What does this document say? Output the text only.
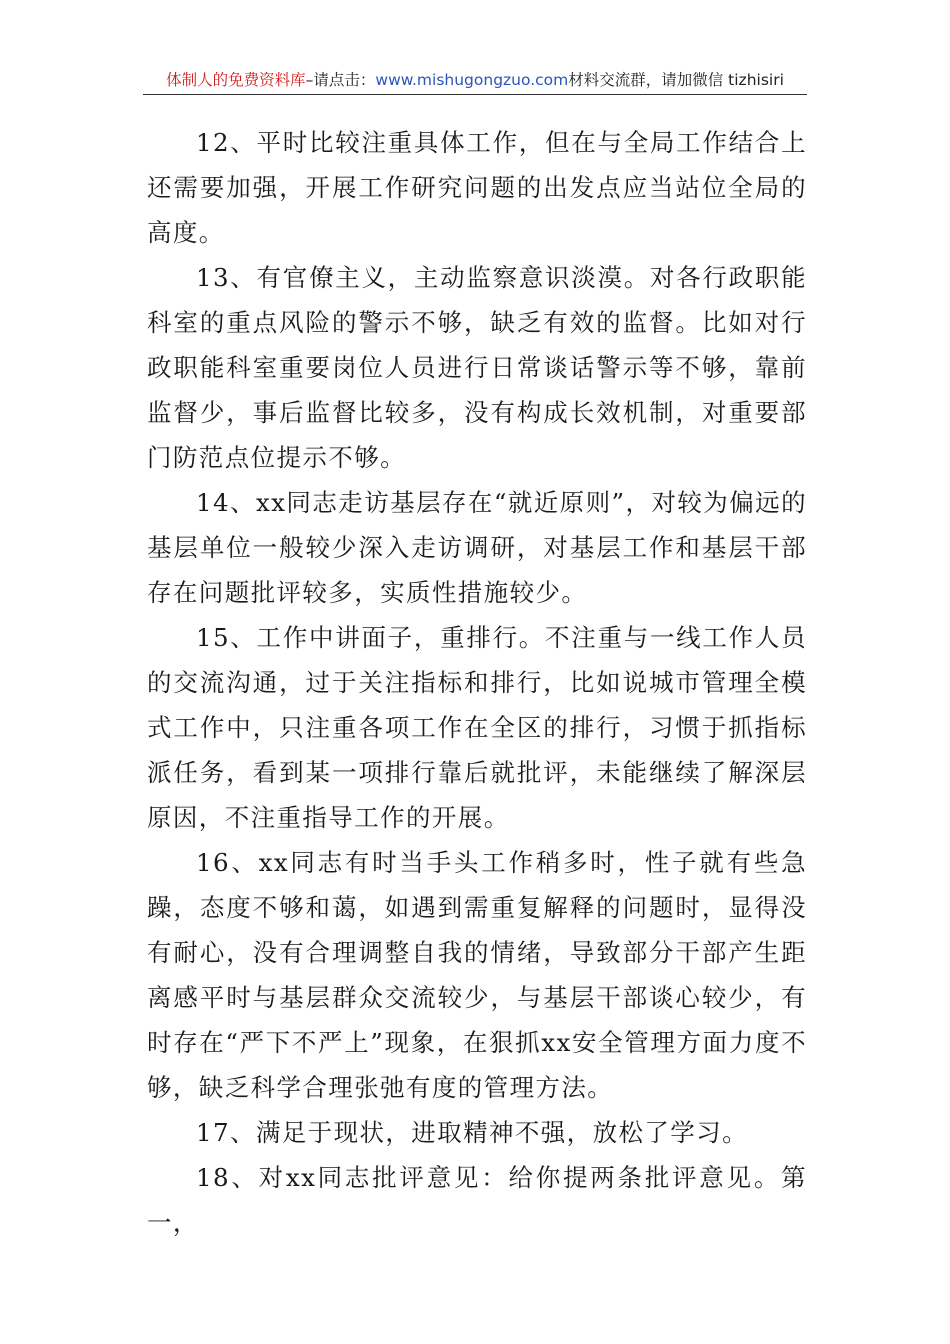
体制人的免费资料库–请点击：www.mishugongzuo.com材料交流群，请加微信 tizhisiri

12、平时比较注重具体工作，但在与全局工作结合上还需要加强，开展工作研究问题的出发点应当站位全局的高度。

13、有官僚主义，主动监察意识淡漠。对各行政职能科室的重点风险的警示不够，缺乏有效的监督。比如对行政职能科室重要岗位人员进行日常谈话警示等不够，靠前监督少，事后监督比较多，没有构成长效机制，对重要部门防范点位提示不够。

14、xx同志走访基层存在“就近原则”，对较为偏远的基层单位一般较少深入走访调研，对基层工作和基层干部存在问题批评较多，实质性措施较少。

15、工作中讲面子，重排行。不注重与一线工作人员的交流沟通，过于关注指标和排行，比如说城市管理全模式工作中，只注重各项工作在全区的排行，习惯于抓指标派任务，看到某一项排行靠后就批评，未能继续了解深层原因，不注重指导工作的开展。

16、xx同志有时当手头工作稍多时，性子就有些急躁，态度不够和蔼，如遇到需重复解释的问题时，显得没有耐心，没有合理调整自我的情绪，导致部分干部产生距离感平时与基层群众交流较少，与基层干部谈心较少，有时存在“严下不严上”现象，在狠抓xx安全管理方面力度不够，缺乏科学合理张弛有度的管理方法。

17、满足于现状，进取精神不强，放松了学习。

18、对xx同志批评意见：给你提两条批评意见。第一，
